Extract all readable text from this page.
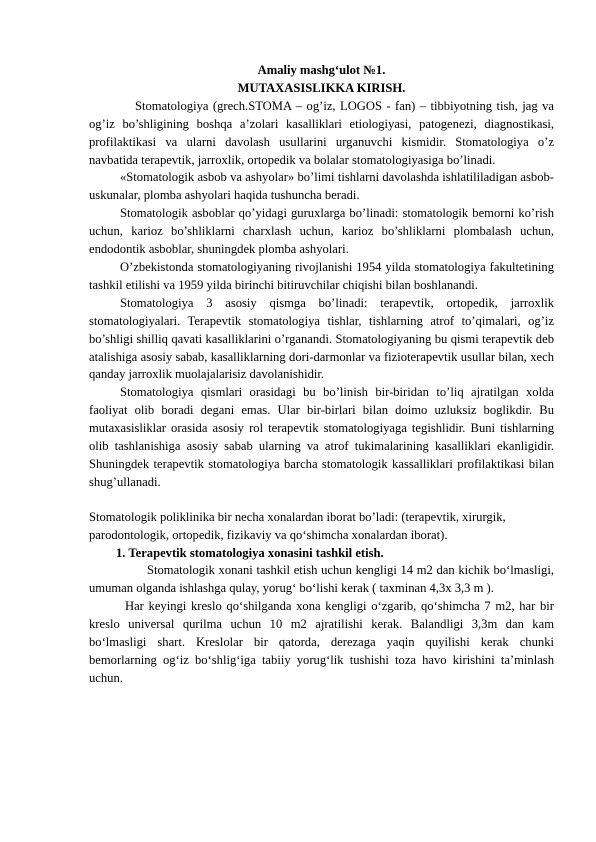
Amaliy mashg‘ulot №1.
MUTAXASISLIKKA KIRISH.

Stomatologiya (grech.STOMA – og’iz, LOGOS - fan) – tibbiyotning tish, jag va og’iz bo’shligining boshqa a’zolari kasalliklari etiologiyasi, patogenezi, diagnostikasi, profilaktikasi va ularni davolash usullarini urganuvchi kismidir. Stomatologiya o’z navbatida terapevtik, jarroxlik, ortopedik va bolalar stomatologiyasiga bo’linadi.

«Stomatologik asbob va ashyolar» bo’limi tishlarni davolashda ishlatililadigan asbob-uskunalar, plomba ashyolari haqida tushuncha beradi.

Stomatologik asboblar qo’yidagi guruxlarga bo’linadi: stomatologik bemorni ko’rish uchun, karioz bo’shliklarni charxlash uchun, karioz bo’shliklarni plombalash uchun, endodontik asboblar, shuningdek plomba ashyolari.

O’zbekistonda stomatologiyaning rivojlanishi 1954 yilda stomatologiya fakultetining tashkil etilishi va 1959 yilda birinchi bitiruvchilar chiqishi bilan boshlanandi.

Stomatologiya 3 asosiy qismga bo’linadi: terapevtik, ortopedik, jarroxlik stomatologiyalari. Terapevtik stomatologiya tishlar, tishlarning atrof to’qimalari, og’iz bo’shligi shilliq qavati kasalliklarini o’rganandi. Stomatologiyaning bu qismi terapevtik deb atalishiga asosiy sabab, kasalliklarning dori-darmonlar va fizioterapevtik usullar bilan, xech qanday jarroxlik muolajalarisiz davolanishidir.

Stomatologiya qismlari orasidagi bu bo’linish bir-biridan to’liq ajratilgan xolda faoliyat olib boradi degani emas. Ular bir-birlari bilan doimo uzluksiz boglikdir. Bu mutaxasisliklar orasida asosiy rol terapevtik stomatologiyaga tegishlidir. Buni tishlarning olib tashlanishiga asosiy sabab ularning va atrof tukimalarining kasalliklari ekanligidir. Shuningdek terapevtik stomatologiya barcha stomatologik kassalliklari profilaktikasi bilan shug’ullanadi.

Stomatologik poliklinika bir necha xonalardan iborat bo’ladi: (terapevtik, xirurgik, parodontologik, ortopedik, fizikaviy va qo‘shimcha xonalardan iborat).

1. Terapevtik stomatologiya xonasini tashkil etish.

Stomatologik xonani tashkil etish uchun kengligi 14 m2 dan kichik bo‘lmasligi, umuman olganda ishlashga qulay, yorug‘ bo‘lishi kerak ( taxminan 4,3x 3,3 m ).

Har keyingi kreslo qo‘shilganda xona kengligi o‘zgarib, qo‘shimcha 7 m2, har bir kreslo universal qurilma uchun 10 m2 ajratilishi kerak. Balandligi 3,3m dan kam bo‘lmasligi shart. Kreslolar bir qatorda, derezaga yaqin quyilishi kerak chunki bemorlarning og‘iz bo‘shlig‘iga tabiiy yorug‘lik tushishi toza havo kirishini ta’minlash uchun.
